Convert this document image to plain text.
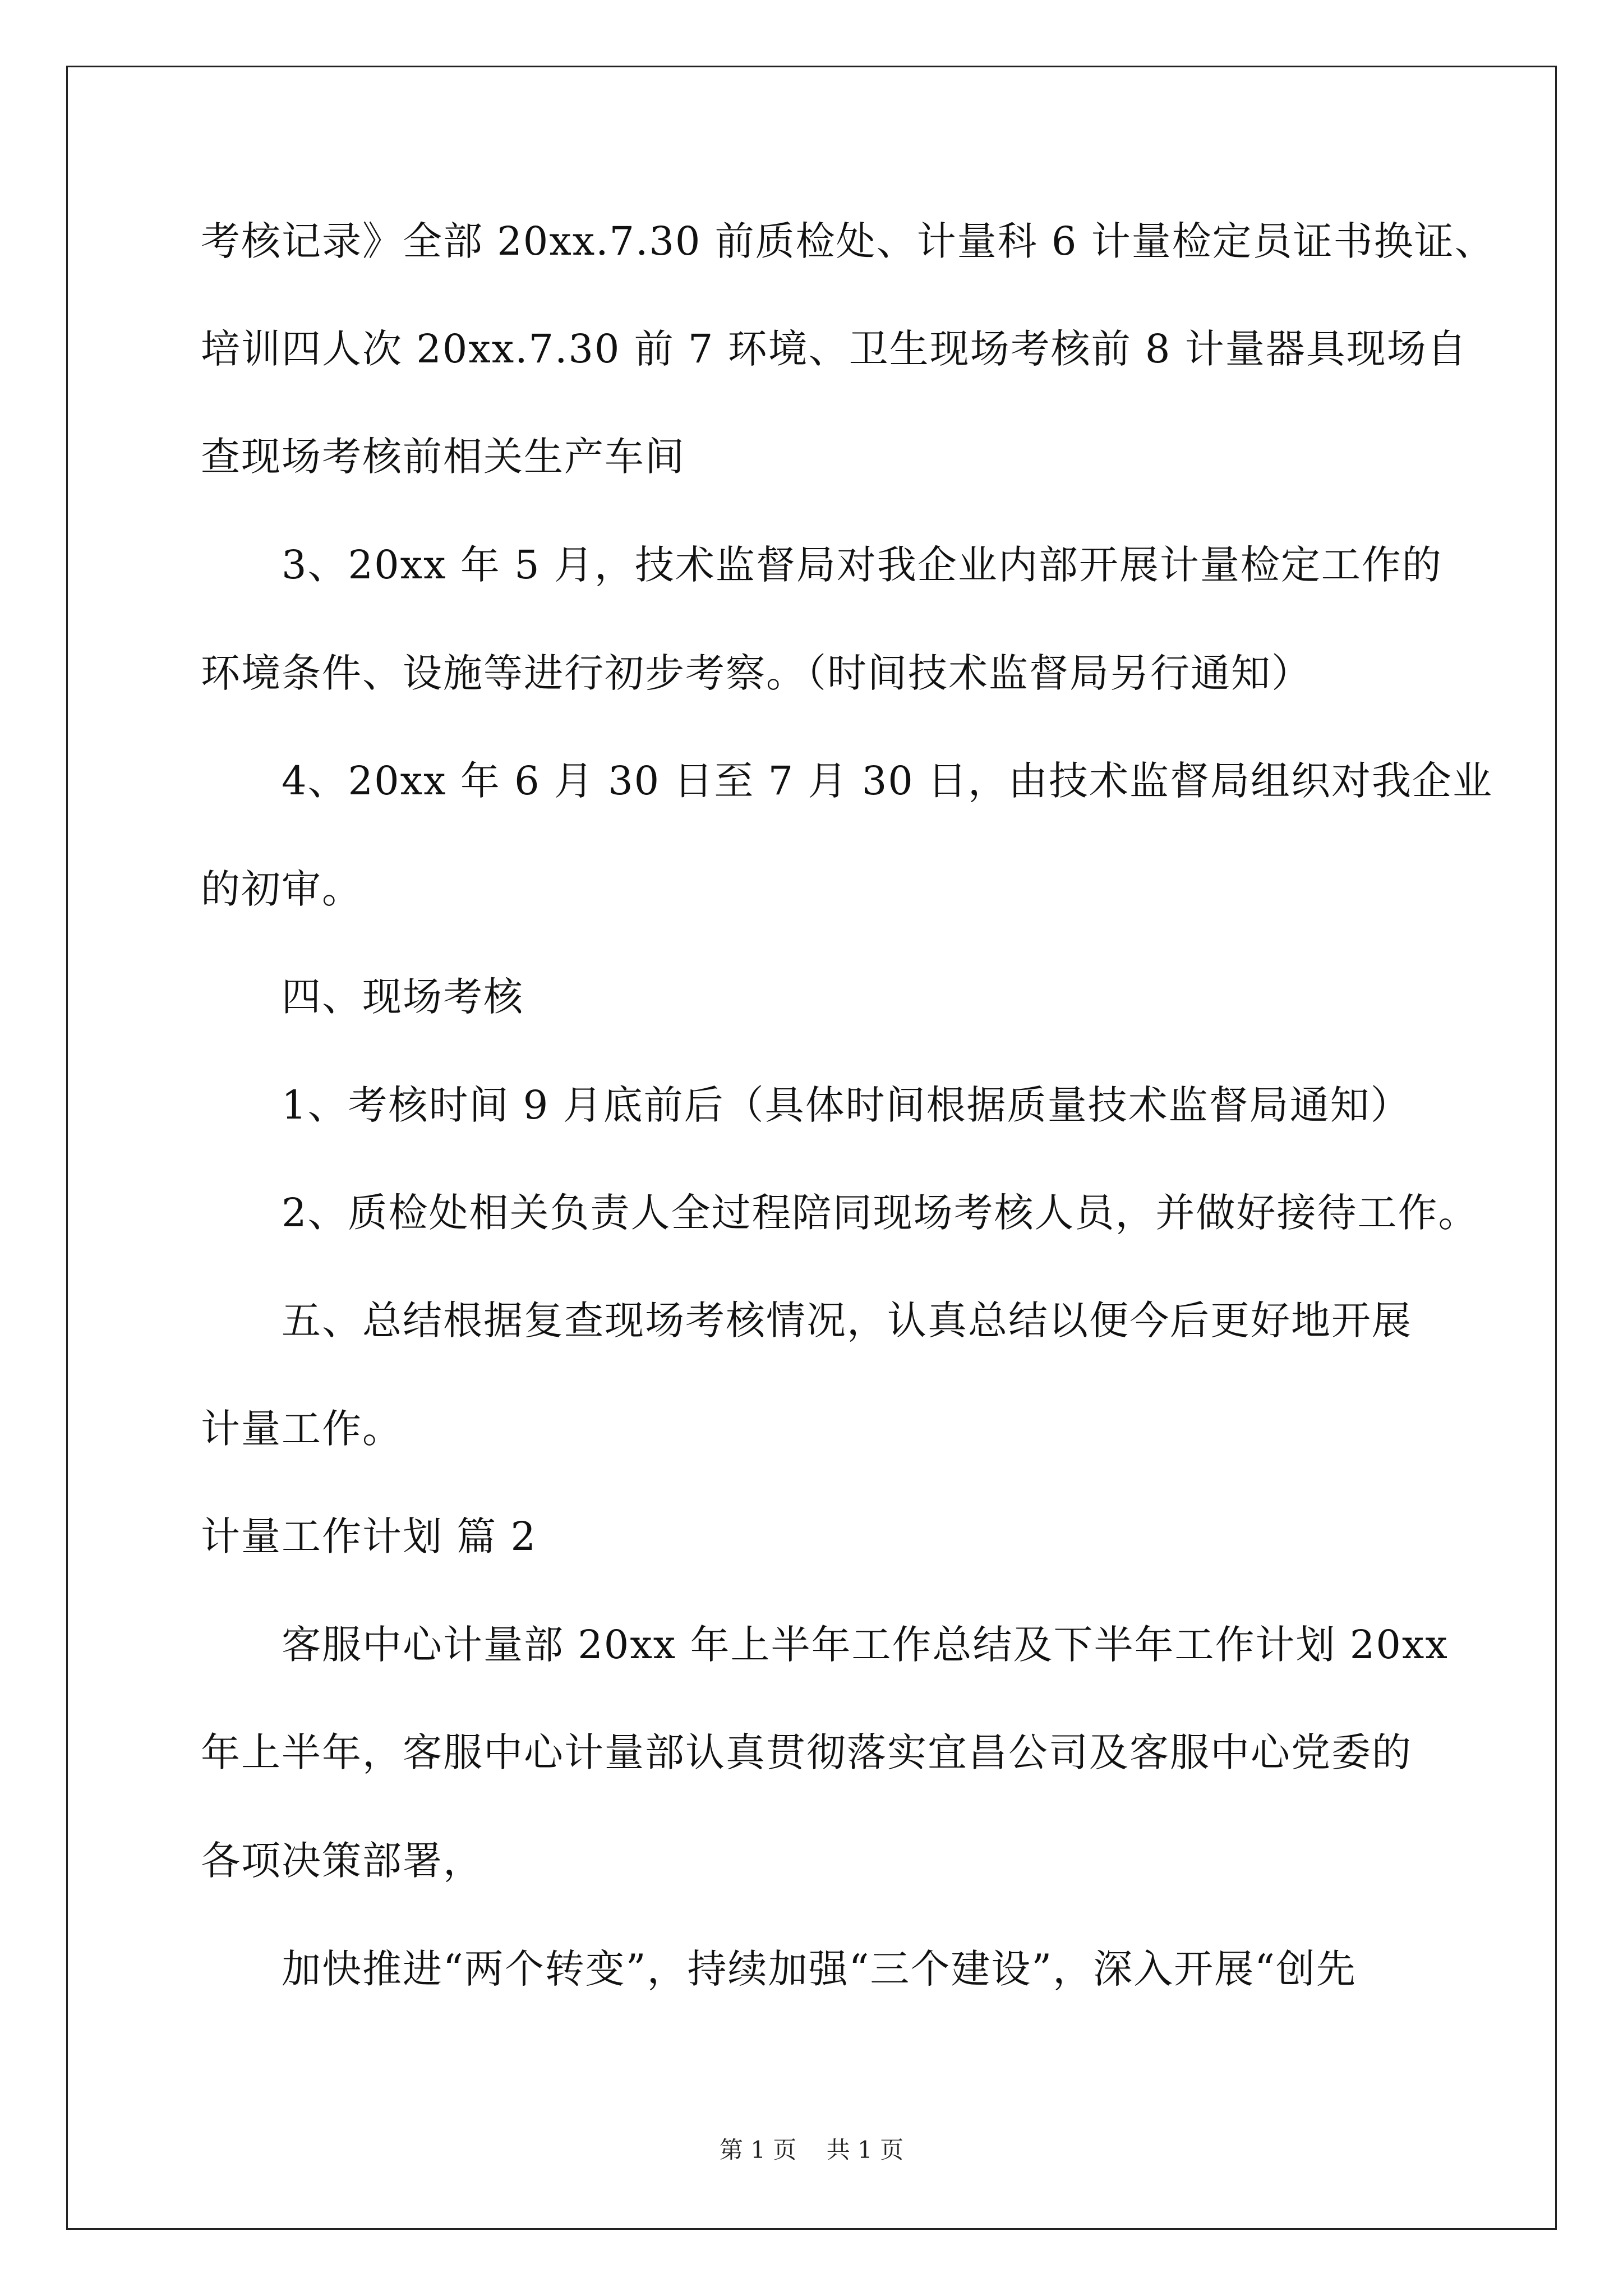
考核记录》全部 20xx.7.30 前质检处、计量科 6 计量检定员证书换证、
培训四人次 20xx.7.30 前 7 环境、卫生现场考核前 8 计量器具现场自
查现场考核前相关生产车间
3、20xx 年 5 月，技术监督局对我企业内部开展计量检定工作的
环境条件、设施等进行初步考察。（时间技术监督局另行通知）
4、20xx 年 6 月 30 日至 7 月 30 日，由技术监督局组织对我企业
的初审。
四、现场考核
1、考核时间 9 月底前后（具体时间根据质量技术监督局通知）
2、质检处相关负责人全过程陪同现场考核人员，并做好接待工作。
五、总结根据复查现场考核情况，认真总结以便今后更好地开展
计量工作。
计量工作计划 篇 2
客服中心计量部 20xx 年上半年工作总结及下半年工作计划 20xx
年上半年，客服中心计量部认真贯彻落实宜昌公司及客服中心党委的
各项决策部署，
加快推进“两个转变”，持续加强“三个建设”，深入开展“创先
第 1 页    共 1 页
